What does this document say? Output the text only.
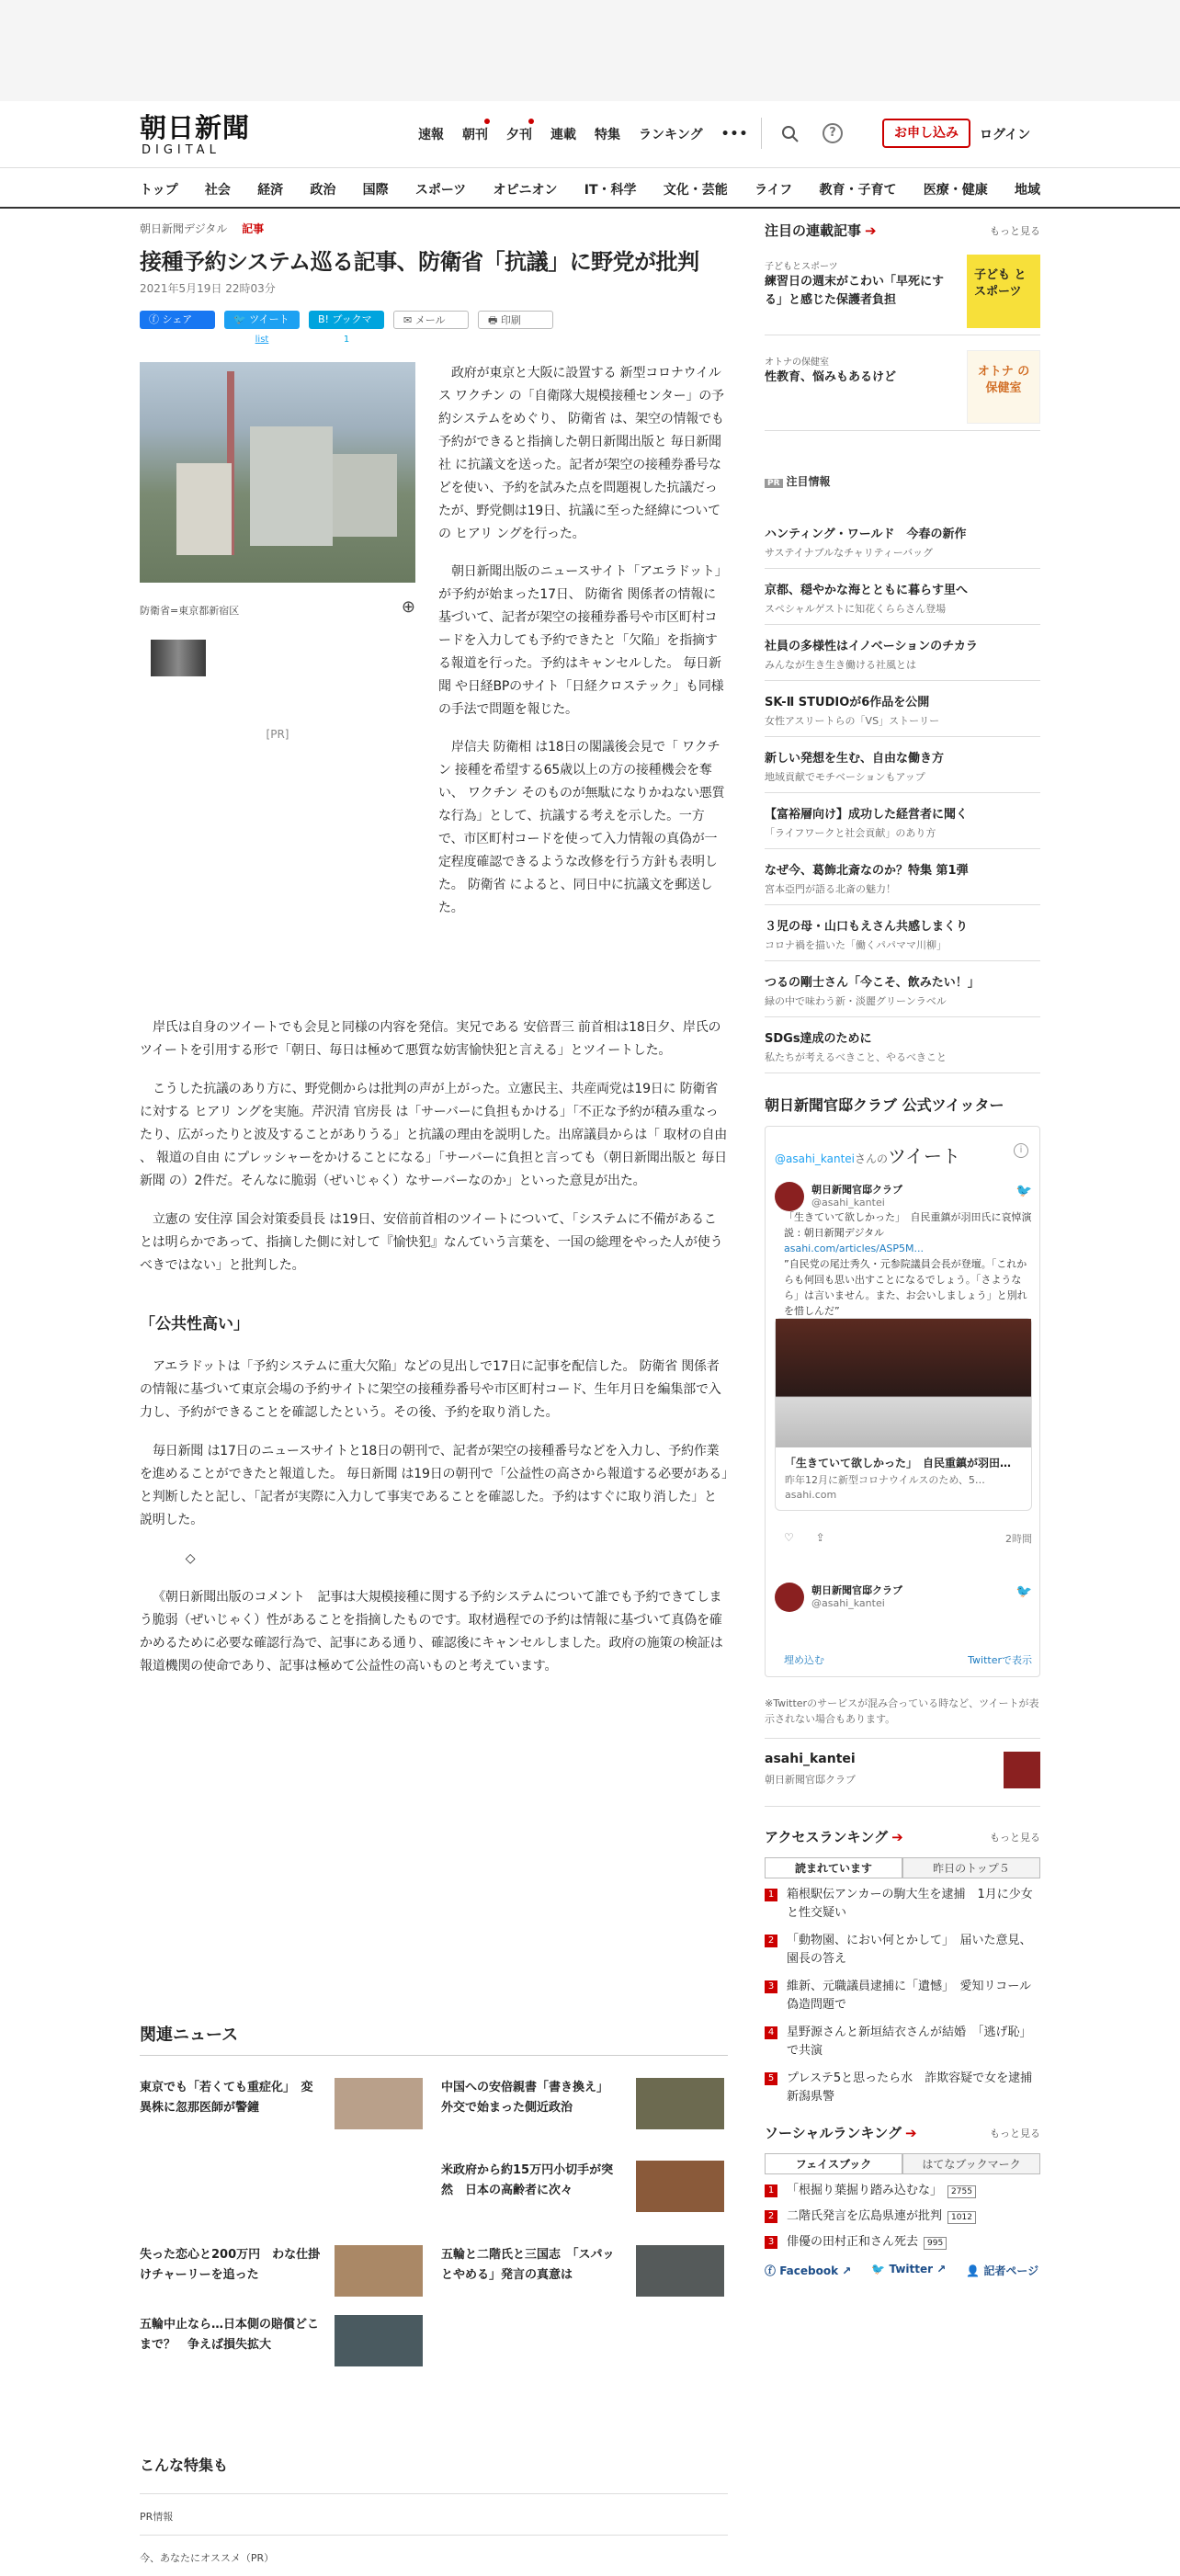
朝日新聞
DIGITAL
速報 朝刊 夕刊 連載 特集 ランキング •••	?	お申し込み	ログイン
トップ 社会 経済 政治 国際 スポーツ オピニオン IT・科学 文化・芸能 ライフ 教育・子育て 医療・健康 地域
朝日新聞デジタル 記事
接種予約システム巡る記事、防衛省「抗議」に野党が批判
2021年5月19日 22時03分
ⓕ シェア	🐦 ツイート
list
B! ブックマーク 1
✉ メール	🖶 印刷
防衛省=東京都新宿区	⊕
[PR]

政府が東京と大阪に設置する 新型コロナウイルス ワクチン の「自衛隊大規模接種センター」の予約システムをめぐり、 防衛省 は、架空の情報でも予約ができると指摘した朝日新聞出版と 毎日新聞社 に抗議文を送った。記者が架空の接種券番号などを使い、予約を試みた点を問題視した抗議だったが、野党側は19日、抗議に至った経緯についての ヒアリ ングを行った。

朝日新聞出版のニュースサイト「アエラドット」が予約が始まった17日、 防衛省 関係者の情報に基づいて、記者が架空の接種券番号や市区町村コードを入力しても予約できたと「欠陥」を指摘する報道を行った。予約はキャンセルした。 毎日新聞 や日経BPのサイト「日経クロステック」も同様の手法で問題を報じた。

岸信夫 防衛相 は18日の閣議後会見で「 ワクチン 接種を希望する65歳以上の方の接種機会を奪い、 ワクチン そのものが無駄になりかねない悪質な行為」として、抗議する考えを示した。一方で、市区町村コードを使って入力情報の真偽が一定程度確認できるような改修を行う方針も表明した。 防衛省 によると、同日中に抗議文を郵送した。

岸氏は自身のツイートでも会見と同様の内容を発信。実兄である 安倍晋三 前首相は18日夕、岸氏のツイートを引用する形で「朝日、毎日は極めて悪質な妨害愉快犯と言える」とツイートした。

こうした抗議のあり方に、野党側からは批判の声が上がった。立憲民主、共産両党は19日に 防衛省 に対する ヒアリ ングを実施。芹沢清 官房長 は「サーバーに負担もかける」「不正な予約が積み重なったり、広がったりと波及することがありうる」と抗議の理由を説明した。出席議員からは「 取材の自由 、 報道の自由 にプレッシャーをかけることになる」「サーバーに負担と言っても（朝日新聞出版と 毎日新聞 の）2件だ。そんなに脆弱（ぜいじゃく）なサーバーなのか」といった意見が出た。

立憲の 安住淳 国会対策委員長 は19日、安倍前首相のツイートについて、「システムに不備があることは明らかであって、指摘した側に対して『愉快犯』なんていう言葉を、一国の総理をやった人が使うべきではない」と批判した。

「公共性高い」

アエラドットは「予約システムに重大欠陥」などの見出しで17日に記事を配信した。 防衛省 関係者の情報に基づいて東京会場の予約サイトに架空の接種券番号や市区町村コード、生年月日を編集部で入力し、予約ができることを確認したという。その後、予約を取り消した。

毎日新聞 は17日のニュースサイトと18日の朝刊で、記者が架空の接種番号などを入力し、予約作業を進めることができたと報道した。 毎日新聞 は19日の朝刊で「公益性の高さから報道する必要がある」と判断したと記し、「記者が実際に入力して事実であることを確認した。予約はすぐに取り消した」と説明した。

◇

《朝日新聞出版のコメント　記事は大規模接種に関する予約システムについて誰でも予約できてしまう脆弱（ぜいじゃく）性があることを指摘したものです。取材過程での予約は情報に基づいて真偽を確かめるために必要な確認行為で、記事にある通り、確認後にキャンセルしました。政府の施策の検証は報道機関の使命であり、記事は極めて公益性の高いものと考えています。

関連ニュース
東京でも「若くても重症化」　変異株に忽那医師が警鐘
中国への安倍親書「書き換え」　外交で始まった側近政治
米政府から約15万円小切手が突然　日本の高齢者に次々
失った恋心と200万円　わな仕掛けチャーリーを追った
五輪と二階氏と三国志　「スパッとやめる」発言の真意は
五輪中止なら…日本側の賠償どこまで？　争えば損失拡大
こんな特集も
PR情報
今、あなたにオススメ（PR）
注目の連載記事 ➔	もっと見る
子どもとスポーツ
練習日の週末がこわい「早死にする」と感じた保護者負担
子ども と スポーツ
オトナの保健室
性教育、悩みもあるけど	オトナ の 保健室
PR 注目情報
ハンティング・ワールド　今春の新作
サステイナブルなチャリティーバッグ
京都、穏やかな海とともに暮らす里へ
スペシャルゲストに知花くららさん登場
社員の多様性はイノベーションのチカラ
みんなが生き生き働ける社風とは
SK-Ⅱ STUDIOが6作品を公開
女性アスリートらの「VS」ストーリー
新しい発想を生む、自由な働き方
地域貢献でモチベーションもアップ
【富裕層向け】成功した経営者に聞く
「ライフワークと社会貢献」のあり方
なぜ今、葛飾北斎なのか？特集 第1弾
宮本亞門が語る北斎の魅力！
３児の母・山口もえさん共感しまくり
コロナ禍を描いた「働くパパママ川柳」
つるの剛士さん「今こそ、飲みたい！」
緑の中で味わう新・淡麗グリーンラベル
SDGs達成のために
私たちが考えるべきこと、やるべきこと
朝日新聞官邸クラブ 公式ツイッター
@asahi_kanteiさんのツイート	i
朝日新聞官邸クラブ
@asahi_kantei
🐦
「生きていて欲しかった」　自民重鎮が羽田氏に哀悼演説 : 朝日新聞デジタル
asahi.com/articles/ASP5M...
”自民党の尾辻秀久・元参院議員会長が登壇。「これからも何回も思い出すことになるでしょう。「さようなら」は言いません。また、お会いしましょう」と別れを惜しんだ”
「生きていて欲しかった」　自民重鎮が羽田…
昨年12月に新型コロナウイルスのため、5…
asahi.com
♡ ⇪	2時間
朝日新聞官邸クラブ
@asahi_kantei
🐦
埋め込む	Twitterで表示
※Twitterのサービスが混み合っている時など、ツイートが表示されない場合もあります。
asahi_kantei
朝日新聞官邸クラブ
アクセスランキング ➔	もっと見る
読まれています	昨日のトップ５
1 箱根駅伝アンカーの駒大生を逮捕　1月に少女と性交疑い
2 「動物園、におい何とかして」　届いた意見、園長の答え
3 維新、元職議員逮捕に「遺憾」　愛知リコール偽造問題で
4 星野源さんと新垣結衣さんが結婚　「逃げ恥」で共演
5 プレステ5と思ったら水　詐欺容疑で女を逮捕　新潟県警
ソーシャルランキング ➔	もっと見る
フェイスブック	はてなブックマーク
1 「根掘り葉掘り踏み込むな」 2755
2 二階氏発言を広島県連が批判 1012
3 俳優の田村正和さん死去 995
ⓕ Facebook ↗ 🐦 Twitter ↗ 👤 記者ページ
